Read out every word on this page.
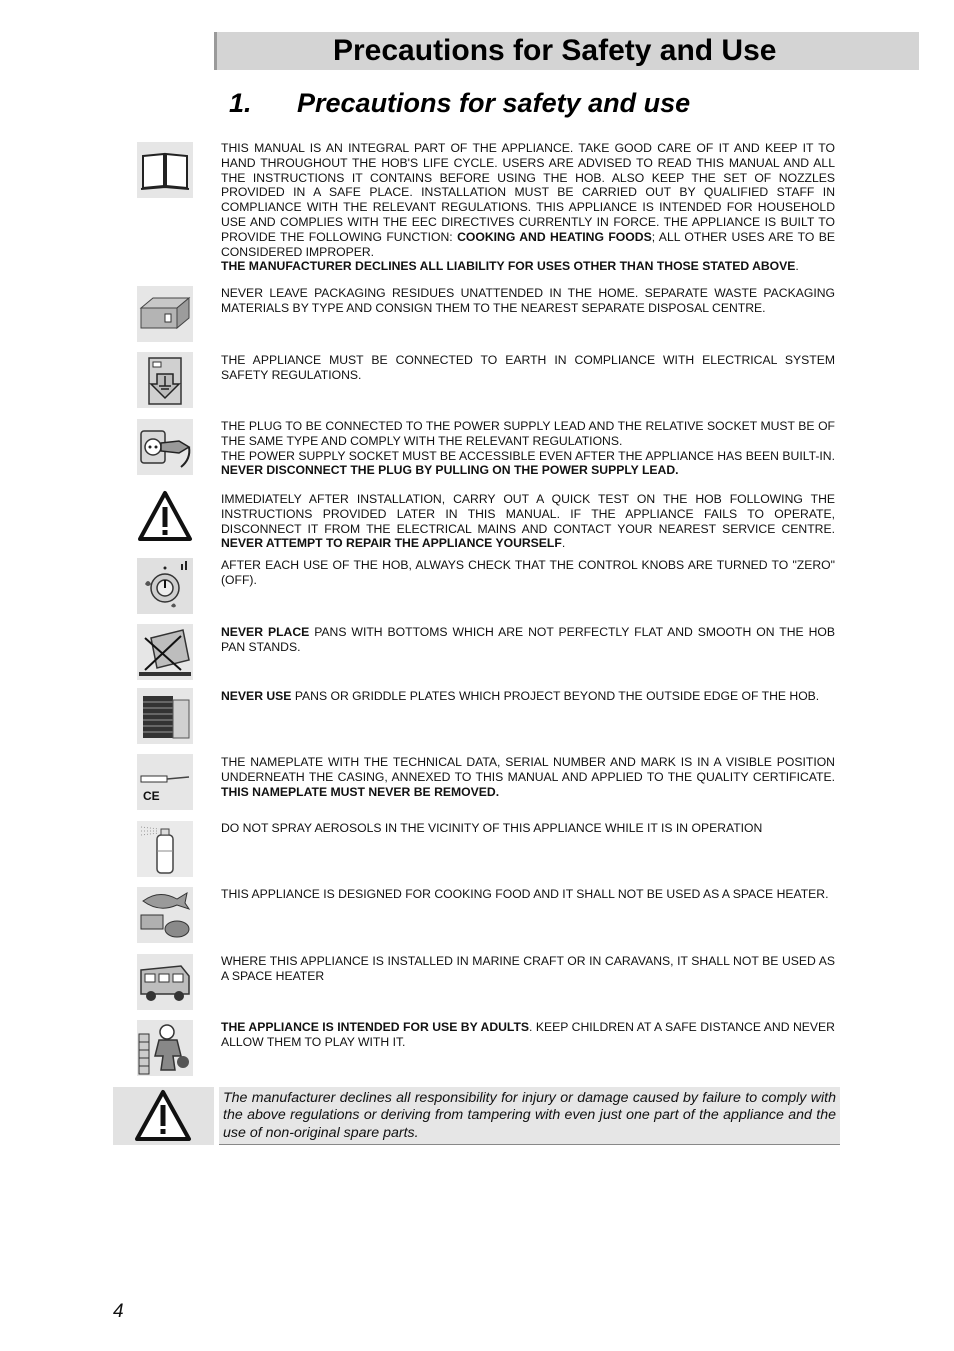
Precautions for Safety and Use
1. Precautions for safety and use
THIS MANUAL IS AN INTEGRAL PART OF THE APPLIANCE. TAKE GOOD CARE OF IT AND KEEP IT TO HAND THROUGHOUT THE HOB'S LIFE CYCLE. USERS ARE ADVISED TO READ THIS MANUAL AND ALL THE INSTRUCTIONS IT CONTAINS BEFORE USING THE HOB. ALSO KEEP THE SET OF NOZZLES PROVIDED IN A SAFE PLACE. INSTALLATION MUST BE CARRIED OUT BY QUALIFIED STAFF IN COMPLIANCE WITH THE RELEVANT REGULATIONS. THIS APPLIANCE IS INTENDED FOR HOUSEHOLD USE AND COMPLIES WITH THE EEC DIRECTIVES CURRENTLY IN FORCE. THE APPLIANCE IS BUILT TO PROVIDE THE FOLLOWING FUNCTION: COOKING AND HEATING FOODS; ALL OTHER USES ARE TO BE CONSIDERED IMPROPER.
THE MANUFACTURER DECLINES ALL LIABILITY FOR USES OTHER THAN THOSE STATED ABOVE.
NEVER LEAVE PACKAGING RESIDUES UNATTENDED IN THE HOME. SEPARATE WASTE PACKAGING MATERIALS BY TYPE AND CONSIGN THEM TO THE NEAREST SEPARATE DISPOSAL CENTRE.
THE APPLIANCE MUST BE CONNECTED TO EARTH IN COMPLIANCE WITH ELECTRICAL SYSTEM SAFETY REGULATIONS.
THE PLUG TO BE CONNECTED TO THE POWER SUPPLY LEAD AND THE RELATIVE SOCKET MUST BE OF THE SAME TYPE AND COMPLY WITH THE RELEVANT REGULATIONS.
THE POWER SUPPLY SOCKET MUST BE ACCESSIBLE EVEN AFTER THE APPLIANCE HAS BEEN BUILT-IN. NEVER DISCONNECT THE PLUG BY PULLING ON THE POWER SUPPLY LEAD.
IMMEDIATELY AFTER INSTALLATION, CARRY OUT A QUICK TEST ON THE HOB FOLLOWING THE INSTRUCTIONS PROVIDED LATER IN THIS MANUAL. IF THE APPLIANCE FAILS TO OPERATE, DISCONNECT IT FROM THE ELECTRICAL MAINS AND CONTACT YOUR NEAREST SERVICE CENTRE. NEVER ATTEMPT TO REPAIR THE APPLIANCE YOURSELF.
AFTER EACH USE OF THE HOB, ALWAYS CHECK THAT THE CONTROL KNOBS ARE TURNED TO "ZERO" (OFF).
NEVER PLACE PANS WITH BOTTOMS WHICH ARE NOT PERFECTLY FLAT AND SMOOTH ON THE HOB PAN STANDS.
NEVER USE PANS OR GRIDDLE PLATES WHICH PROJECT BEYOND THE OUTSIDE EDGE OF THE HOB.
CE
THE NAMEPLATE WITH THE TECHNICAL DATA, SERIAL NUMBER AND MARK IS IN A VISIBLE POSITION UNDERNEATH THE CASING, ANNEXED TO THIS MANUAL AND APPLIED TO THE QUALITY CERTIFICATE. THIS NAMEPLATE MUST NEVER BE REMOVED.
DO NOT SPRAY AEROSOLS IN THE VICINITY OF THIS APPLIANCE WHILE IT IS IN OPERATION
THIS APPLIANCE IS DESIGNED FOR COOKING FOOD AND IT SHALL NOT BE USED AS A SPACE HEATER.
WHERE THIS APPLIANCE IS INSTALLED IN MARINE CRAFT OR IN CARAVANS, IT SHALL NOT BE USED AS A SPACE HEATER
THE APPLIANCE IS INTENDED FOR USE BY ADULTS. KEEP CHILDREN AT A SAFE DISTANCE AND NEVER ALLOW THEM TO PLAY WITH IT.
The manufacturer declines all responsibility for injury or damage caused by failure to comply with the above regulations or deriving from tampering with even just one part of the appliance and the use of non-original spare parts.
4
